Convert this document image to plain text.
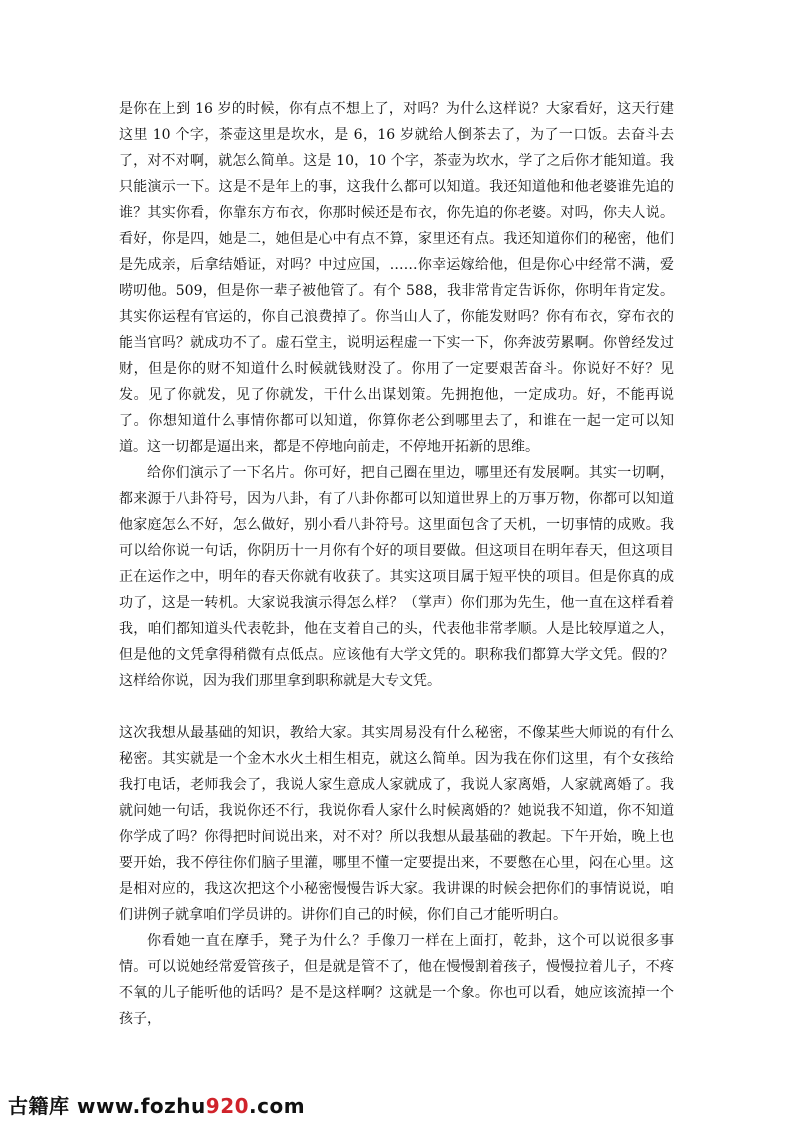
是你在上到 16 岁的时候，你有点不想上了，对吗？为什么这样说？大家看好，这天行建这里 10 个字，茶壶这里是坎水，是 6，16 岁就给人倒茶去了，为了一口饭。去奋斗去了，对不对啊，就怎么简单。这是 10，10 个字，茶壶为坎水，学了之后你才能知道。我只能演示一下。这是不是年上的事，这我什么都可以知道。我还知道他和他老婆谁先追的谁？其实你看，你靠东方布衣，你那时候还是布衣，你先追的你老婆。对吗，你夫人说。看好，你是四，她是二，她但是心中有点不算，家里还有点。我还知道你们的秘密，他们是先成亲，后拿结婚证，对吗？中过应国，……你幸运嫁给他，但是你心中经常不满，爱唠叨他。509，但是你一辈子被他管了。有个 588，我非常肯定告诉你，你明年肯定发。其实你运程有官运的，你自己浪费掉了。你当山人了，你能发财吗？你有布衣，穿布衣的能当官吗？就成功不了。虚石堂主，说明运程虚一下实一下，你奔波劳累啊。你曾经发过财，但是你的财不知道什么时候就钱财没了。你用了一定要艰苦奋斗。你说好不好？见发。见了你就发，见了你就发，干什么出谋划策。先拥抱他，一定成功。好，不能再说了。你想知道什么事情你都可以知道，你算你老公到哪里去了，和谁在一起一定可以知道。这一切都是逼出来，都是不停地向前走，不停地开拓新的思维。

给你们演示了一下名片。你可好，把自己圈在里边，哪里还有发展啊。其实一切啊，都来源于八卦符号，因为八卦，有了八卦你都可以知道世界上的万事万物，你都可以知道他家庭怎么不好，怎么做好，别小看八卦符号。这里面包含了天机，一切事情的成败。我可以给你说一句话，你阴历十一月你有个好的项目要做。但这项目在明年春天，但这项目正在运作之中，明年的春天你就有收获了。其实这项目属于短平快的项目。但是你真的成功了，这是一转机。大家说我演示得怎么样？（掌声）你们那为先生，他一直在这样看着我，咱们都知道头代表乾卦，他在支着自己的头，代表他非常孝顺。人是比较厚道之人，但是他的文凭拿得稍微有点低点。应该他有大学文凭的。职称我们都算大学文凭。假的？这样给你说，因为我们那里拿到职称就是大专文凭。

这次我想从最基础的知识，教给大家。其实周易没有什么秘密，不像某些大师说的有什么秘密。其实就是一个金木水火土相生相克，就这么简单。因为我在你们这里，有个女孩给我打电话，老师我会了，我说人家生意成人家就成了，我说人家离婚，人家就离婚了。我就问她一句话，我说你还不行，我说你看人家什么时候离婚的？她说我不知道，你不知道你学成了吗？你得把时间说出来，对不对？所以我想从最基础的教起。下午开始，晚上也要开始，我不停往你们脑子里灌，哪里不懂一定要提出来，不要憋在心里，闷在心里。这是相对应的，我这次把这个小秘密慢慢告诉大家。我讲课的时候会把你们的事情说说，咱们讲例子就拿咱们学员讲的。讲你们自己的时候，你们自己才能听明白。

你看她一直在摩手，凳子为什么？手像刀一样在上面打，乾卦，这个可以说很多事情。可以说她经常爱管孩子，但是就是管不了，他在慢慢割着孩子，慢慢拉着儿子，不疼不氧的儿子能听他的话吗？是不是这样啊？这就是一个象。你也可以看，她应该流掉一个孩子，

古籍库 www.fozhu920.com
